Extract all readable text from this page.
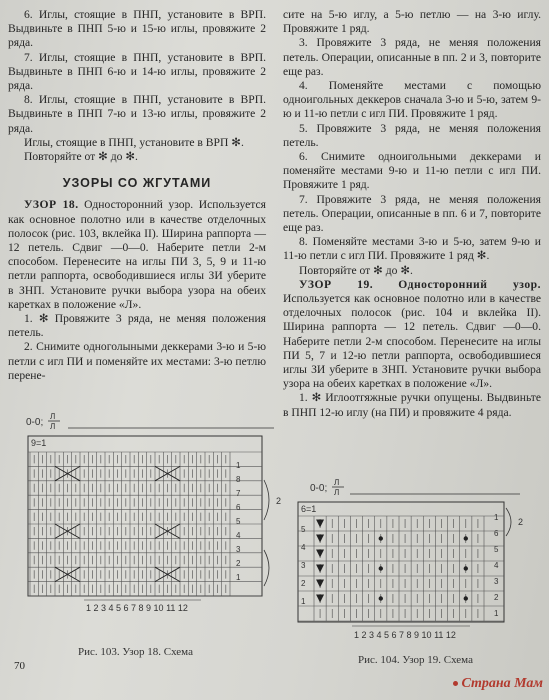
6. Иглы, стоящие в ПНП, установите в ВРП. Выдвиньте в ПНП 5-ю и 15-ю иглы, провяжите 2 ряда.

7. Иглы, стоящие в ПНП, установите в ВРП. Выдвиньте в ПНП 6-ю и 14-ю иглы, провяжите 2 ряда.

8. Иглы, стоящие в ПНП, установите в ВРП. Выдвиньте в ПНП 7-ю и 13-ю иглы, провяжите 2 ряда.

Иглы, стоящие в ПНП, установите в ВРП ✻.

Повторяйте от ✻ до ✻.

УЗОРЫ СО ЖГУТАМИ

УЗОР 18. Односторонний узор. Используется как основное полотно или в качестве отделочных полосок (рис. 103, вклейка II). Ширина раппорта — 12 петель. Сдвиг —0—0. Наберите петли 2-м способом. Перенесите на иглы ПИ 3, 5, 9 и 11-ю петли раппорта, освободившиеся иглы ЗИ уберите в ЗНП. Установите ручки выбора узора на обеих каретках в положение «Л».

1. ✻ Провяжите 3 ряда, не меняя положения петель.

2. Снимите одноголыными деккерами 3-ю и 5-ю петли с игл ПИ и поменяйте их местами: 3-ю петлю перене-

сите на 5-ю иглу, а 5-ю петлю — на 3-ю иглу. Провяжите 1 ряд.

3. Провяжите 3 ряда, не меняя положения петель. Операции, описанные в пп. 2 и 3, повторите еще раз.

4. Поменяйте местами с помощью одноигольных деккеров сначала 3-ю и 5-ю, затем 9-ю и 11-ю петли с игл ПИ. Провяжите 1 ряд.

5. Провяжите 3 ряда, не меняя положения петель.

6. Снимите одноигольными деккерами и поменяйте местами 9-ю и 11-ю петли с игл ПИ. Провяжите 1 ряд.

7. Провяжите 3 ряда, не меняя положения петель. Операции, описанные в пп. 6 и 7, повторите еще раз.

8. Поменяйте местами 3-ю и 5-ю, затем 9-ю и 11-ю петли с игл ПИ. Провяжите 1 ряд ✻.

Повторяйте от ✻ до ✻.

УЗОР 19. Односторонний узор. Используется как основное полотно или в качестве отделочных полосок (рис. 104 и вклейка II). Ширина раппорта — 12 петель. Сдвиг —0—0. Наберите петли 2-м способом. Перенесите на иглы ПИ 5, 7 и 12-ю петли раппорта, освободившиеся иглы ЗИ уберите в ЗНП. Установите ручки выбора узора на обеих каретках в положение «Л».

1. ✻ Иглоотгяжные ручки опущены. Выдвиньте в ПНП 12-ю иглу (на ПИ) и провяжите 4 ряда.

0-0;
Л
Л
9=1
1
8
7
6
5
4
3
2
1
2
1 2 3 4 5 6 7 8 9 10 11 12
Рис. 103. Узор 18. Схема
0-0;
Л
Л
6=1
5
4
3
2
1
1
6
5
4
3
2
1
2
1 2 3 4 5 6 7 8 9 10 11 12
Рис. 104. Узор 19. Схема
70
Страна Мам
